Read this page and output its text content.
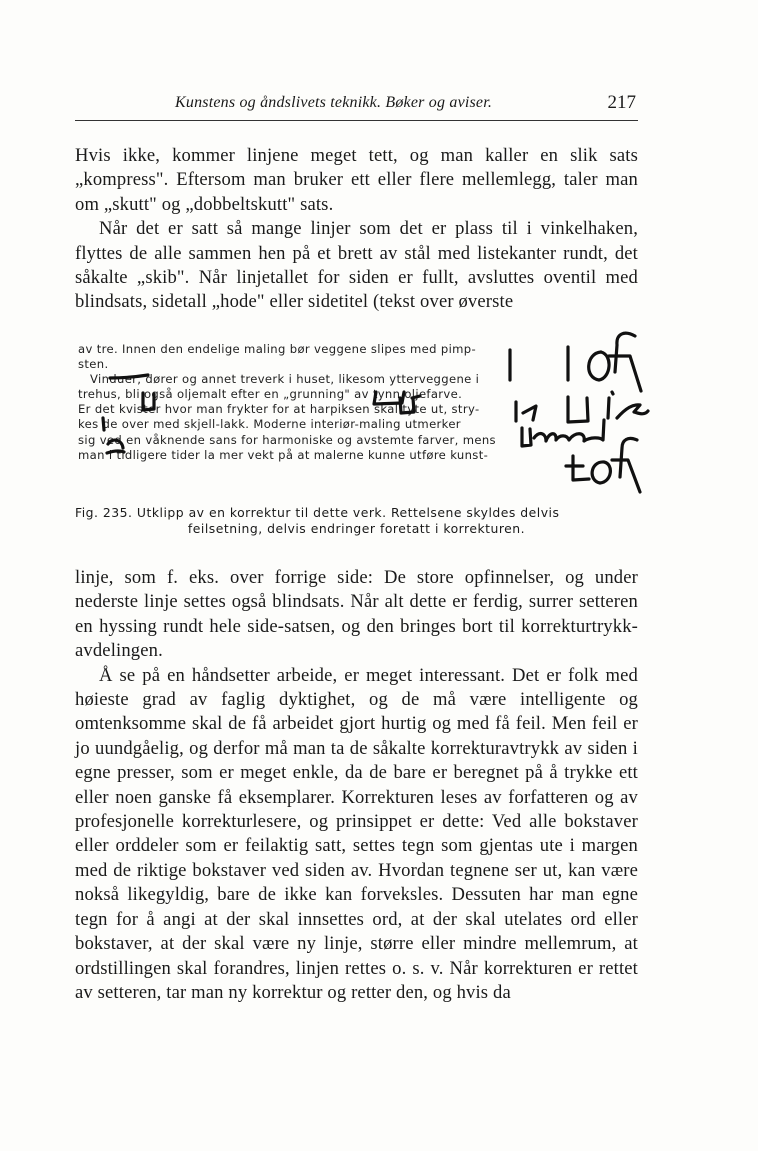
Kunstens og åndslivets teknikk. Bøker og aviser.	217

Hvis ikke, kommer linjene meget tett, og man kaller en slik sats „kompress". Eftersom man bruker ett eller flere mellemlegg, taler man om „skutt" og „dobbeltskutt" sats.

Når det er satt så mange linjer som det er plass til i vinkelhaken, flyttes de alle sammen hen på et brett av stål med listekanter rundt, det såkalte „skib". Når linjetallet for siden er fullt, avsluttes oventil med blindsats, sidetall „hode" eller sidetitel (tekst over øverste

av tre. Innen den endelige maling bør veggene slipes med pimp-
sten.
Vinduer, dører og annet treverk i huset, likesom ytterveggene i
trehus, bli også oljemalt efter en „grunning" av tynn oljefarve.
Er det kvister hvor man frykter for at harpiksen skal tyte ut, stry-
kes de over med skjell-lakk. Moderne interiør-maling utmerker
sig ved en våknende sans for harmoniske og avstemte farver, mens
man i tidligere tider la mer vekt på at malerne kunne utføre kunst-
Fig. 235. Utklipp av en korrektur til dette verk. Rettelsene skyldes delvis
feilsetning, delvis endringer foretatt i korrekturen.

linje, som f. eks. over forrige side: De store opfinnelser, og under nederste linje settes også blindsats. Når alt dette er ferdig, surrer setteren en hyssing rundt hele side-satsen, og den bringes bort til korrekturtrykk-avdelingen.

Å se på en håndsetter arbeide, er meget interessant. Det er folk med høieste grad av faglig dyktighet, og de må være intelligente og omtenksomme skal de få arbeidet gjort hurtig og med få feil. Men feil er jo uundgåelig, og derfor må man ta de såkalte korrekturavtrykk av siden i egne presser, som er meget enkle, da de bare er beregnet på å trykke ett eller noen ganske få eksemplarer. Korrekturen leses av forfatteren og av profesjonelle korrekturlesere, og prinsippet er dette: Ved alle bokstaver eller orddeler som er feilaktig satt, settes tegn som gjentas ute i margen med de riktige bokstaver ved siden av. Hvordan tegnene ser ut, kan være nokså likegyldig, bare de ikke kan forveksles. Dessuten har man egne tegn for å angi at der skal innsettes ord, at der skal utelates ord eller bokstaver, at der skal være ny linje, større eller mindre mellemrum, at ordstillingen skal forandres, linjen rettes o. s. v. Når korrekturen er rettet av setteren, tar man ny korrektur og retter den, og hvis da
